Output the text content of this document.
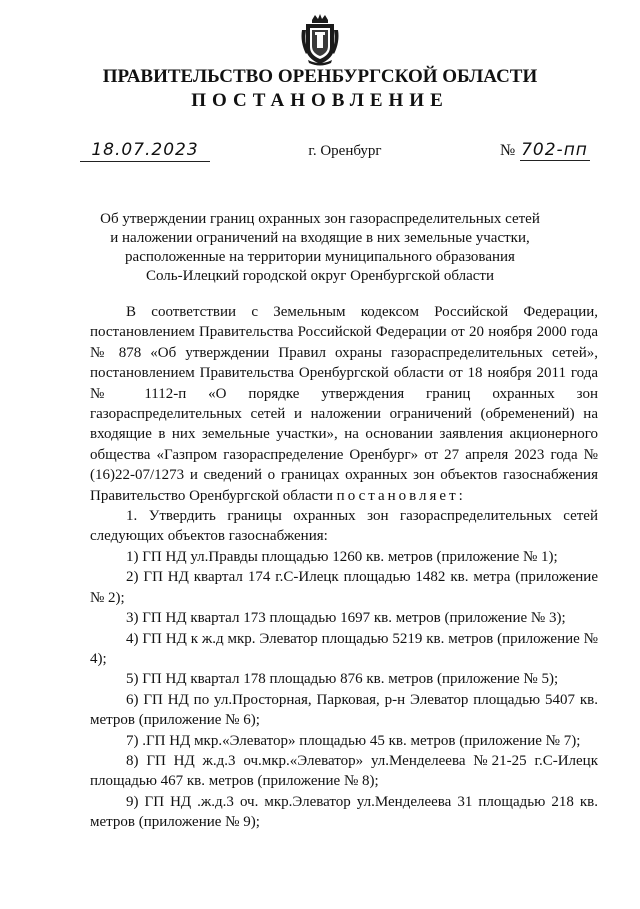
ПРАВИТЕЛЬСТВО ОРЕНБУРГСКОЙ ОБЛАСТИ
ПОСТАНОВЛЕНИЕ
18.07.2023	г. Оренбург	№ 702-пп
Об утверждении границ охранных зон газораспределительных сетей
и наложении ограничений на входящие в них земельные участки,
расположенные на территории муниципального образования
Соль-Илецкий городской округ Оренбургской области

В соответствии с Земельным кодексом Российской Федерации, постановлением Правительства Российской Федерации от 20 ноября 2000 года № 878 «Об утверждении Правил охраны газораспределительных сетей», постановлением Правительства Оренбургской области от 18 ноября 2011 года № 1112-п «О порядке утверждения границ охранных зон газораспределительных сетей и наложении ограничений (обременений) на входящие в них земельные участки», на основании заявления акционерного общества «Газпром газораспределение Оренбург» от 27 апреля 2023 года № (16)22-07/1273 и сведений о границах охранных зон объектов газоснабжения Правительство Оренбургской области постановляет:

1. Утвердить границы охранных зон газораспределительных сетей следующих объектов газоснабжения:

1) ГП НД ул.Правды площадью 1260 кв. метров (приложение № 1);

2) ГП НД квартал 174 г.С-Илецк площадью 1482 кв. метра (приложение № 2);

3) ГП НД квартал 173 площадью 1697 кв. метров (приложение № 3);

4) ГП НД к ж.д мкр. Элеватор площадью 5219 кв. метров (приложение № 4);

5) ГП НД квартал 178 площадью 876 кв. метров (приложение № 5);

6) ГП НД по ул.Просторная, Парковая, р-н Элеватор площадью 5407 кв. метров (приложение № 6);

7) .ГП НД мкр.«Элеватор» площадью 45 кв. метров (приложение № 7);

8) ГП НД ж.д.3 оч.мкр.«Элеватор» ул.Менделеева №21-25 г.С-Илецк площадью 467 кв. метров (приложение № 8);

9) ГП НД .ж.д.3 оч. мкр.Элеватор ул.Менделеева 31 площадью 218 кв. метров (приложение № 9);
